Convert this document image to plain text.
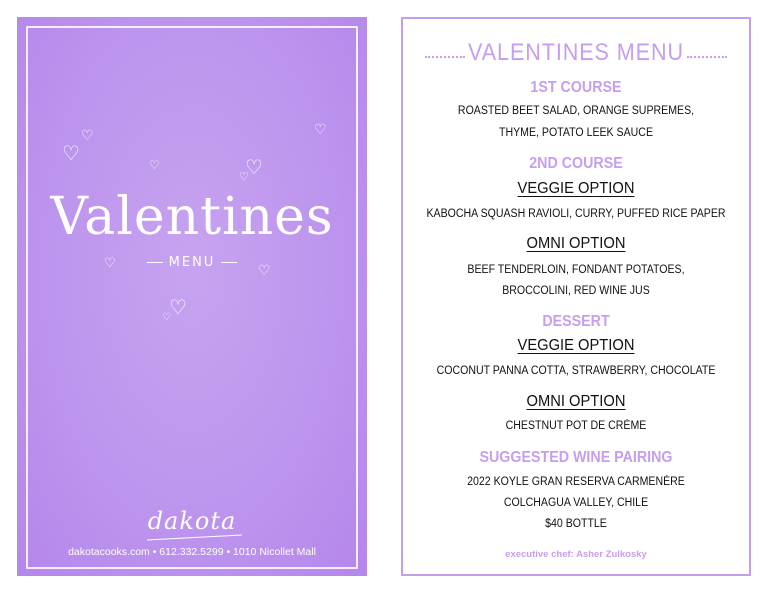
♡
♡
♡	♡
♡
♡
♡	♡
♡
♡
Valentines
MENU
dakota
dakotacooks.com • 612.332.5299 • 1010 Nicollet Mall
VALENTINES MENU
1ST COURSE
ROASTED BEET SALAD, ORANGE SUPREMES,
THYME, POTATO LEEK SAUCE
2ND COURSE
VEGGIE OPTION
KABOCHA SQUASH RAVIOLI, CURRY, PUFFED RICE PAPER
OMNI OPTION
BEEF TENDERLOIN, FONDANT POTATOES,
BROCCOLINI, RED WINE JUS
DESSERT
VEGGIE OPTION
COCONUT PANNA COTTA, STRAWBERRY, CHOCOLATE
OMNI OPTION
CHESTNUT POT DE CRÈME
SUGGESTED WINE PAIRING
2022 KOYLE GRAN RESERVA CARMENÉRE
COLCHAGUA VALLEY, CHILE
$40 BOTTLE
executive chef: Asher Zulkosky
